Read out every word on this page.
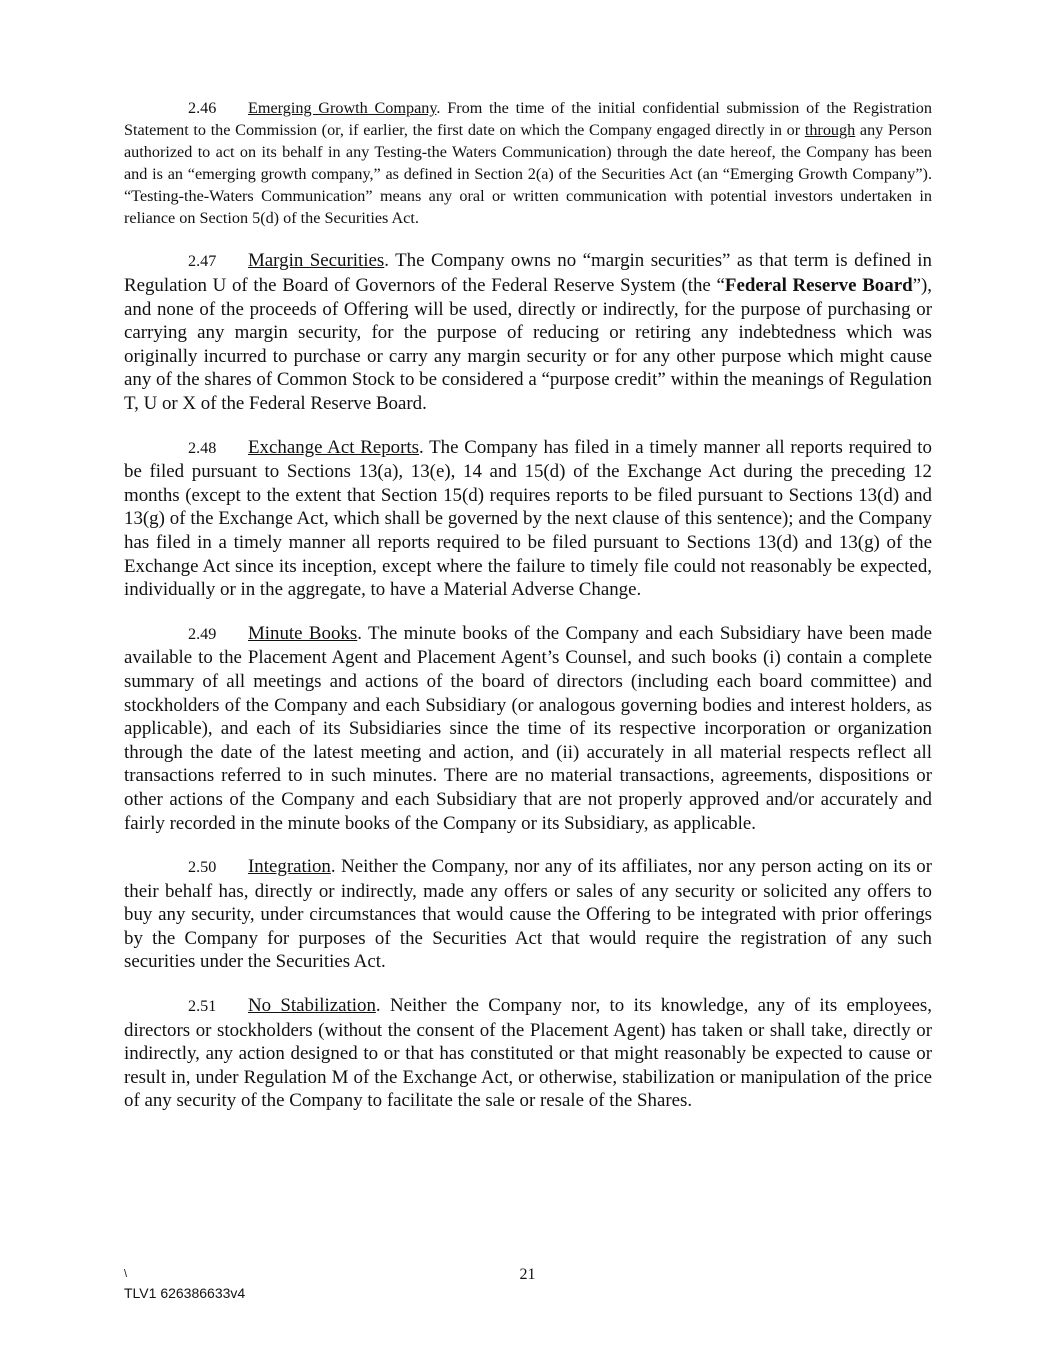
2.46 Emerging Growth Company. From the time of the initial confidential submission of the Registration Statement to the Commission (or, if earlier, the first date on which the Company engaged directly in or through any Person authorized to act on its behalf in any Testing-the Waters Communication) through the date hereof, the Company has been and is an “emerging growth company,” as defined in Section 2(a) of the Securities Act (an “Emerging Growth Company”). “Testing-the-Waters Communication” means any oral or written communication with potential investors undertaken in reliance on Section 5(d) of the Securities Act.

2.47 Margin Securities. The Company owns no “margin securities” as that term is defined in Regulation U of the Board of Governors of the Federal Reserve System (the “Federal Reserve Board”), and none of the proceeds of Offering will be used, directly or indirectly, for the purpose of purchasing or carrying any margin security, for the purpose of reducing or retiring any indebtedness which was originally incurred to purchase or carry any margin security or for any other purpose which might cause any of the shares of Common Stock to be considered a “purpose credit” within the meanings of Regulation T, U or X of the Federal Reserve Board.

2.48 Exchange Act Reports. The Company has filed in a timely manner all reports required to be filed pursuant to Sections 13(a), 13(e), 14 and 15(d) of the Exchange Act during the preceding 12 months (except to the extent that Section 15(d) requires reports to be filed pursuant to Sections 13(d) and 13(g) of the Exchange Act, which shall be governed by the next clause of this sentence); and the Company has filed in a timely manner all reports required to be filed pursuant to Sections 13(d) and 13(g) of the Exchange Act since its inception, except where the failure to timely file could not reasonably be expected, individually or in the aggregate, to have a Material Adverse Change.

2.49 Minute Books. The minute books of the Company and each Subsidiary have been made available to the Placement Agent and Placement Agent’s Counsel, and such books (i) contain a complete summary of all meetings and actions of the board of directors (including each board committee) and stockholders of the Company and each Subsidiary (or analogous governing bodies and interest holders, as applicable), and each of its Subsidiaries since the time of its respective incorporation or organization through the date of the latest meeting and action, and (ii) accurately in all material respects reflect all transactions referred to in such minutes. There are no material transactions, agreements, dispositions or other actions of the Company and each Subsidiary that are not properly approved and/or accurately and fairly recorded in the minute books of the Company or its Subsidiary, as applicable.

2.50 Integration. Neither the Company, nor any of its affiliates, nor any person acting on its or their behalf has, directly or indirectly, made any offers or sales of any security or solicited any offers to buy any security, under circumstances that would cause the Offering to be integrated with prior offerings by the Company for purposes of the Securities Act that would require the registration of any such securities under the Securities Act.

2.51 No Stabilization. Neither the Company nor, to its knowledge, any of its employees, directors or stockholders (without the consent of the Placement Agent) has taken or shall take, directly or indirectly, any action designed to or that has constituted or that might reasonably be expected to cause or result in, under Regulation M of the Exchange Act, or otherwise, stabilization or manipulation of the price of any security of the Company to facilitate the sale or resale of the Shares.

21
\
TLV1 626386633v4
